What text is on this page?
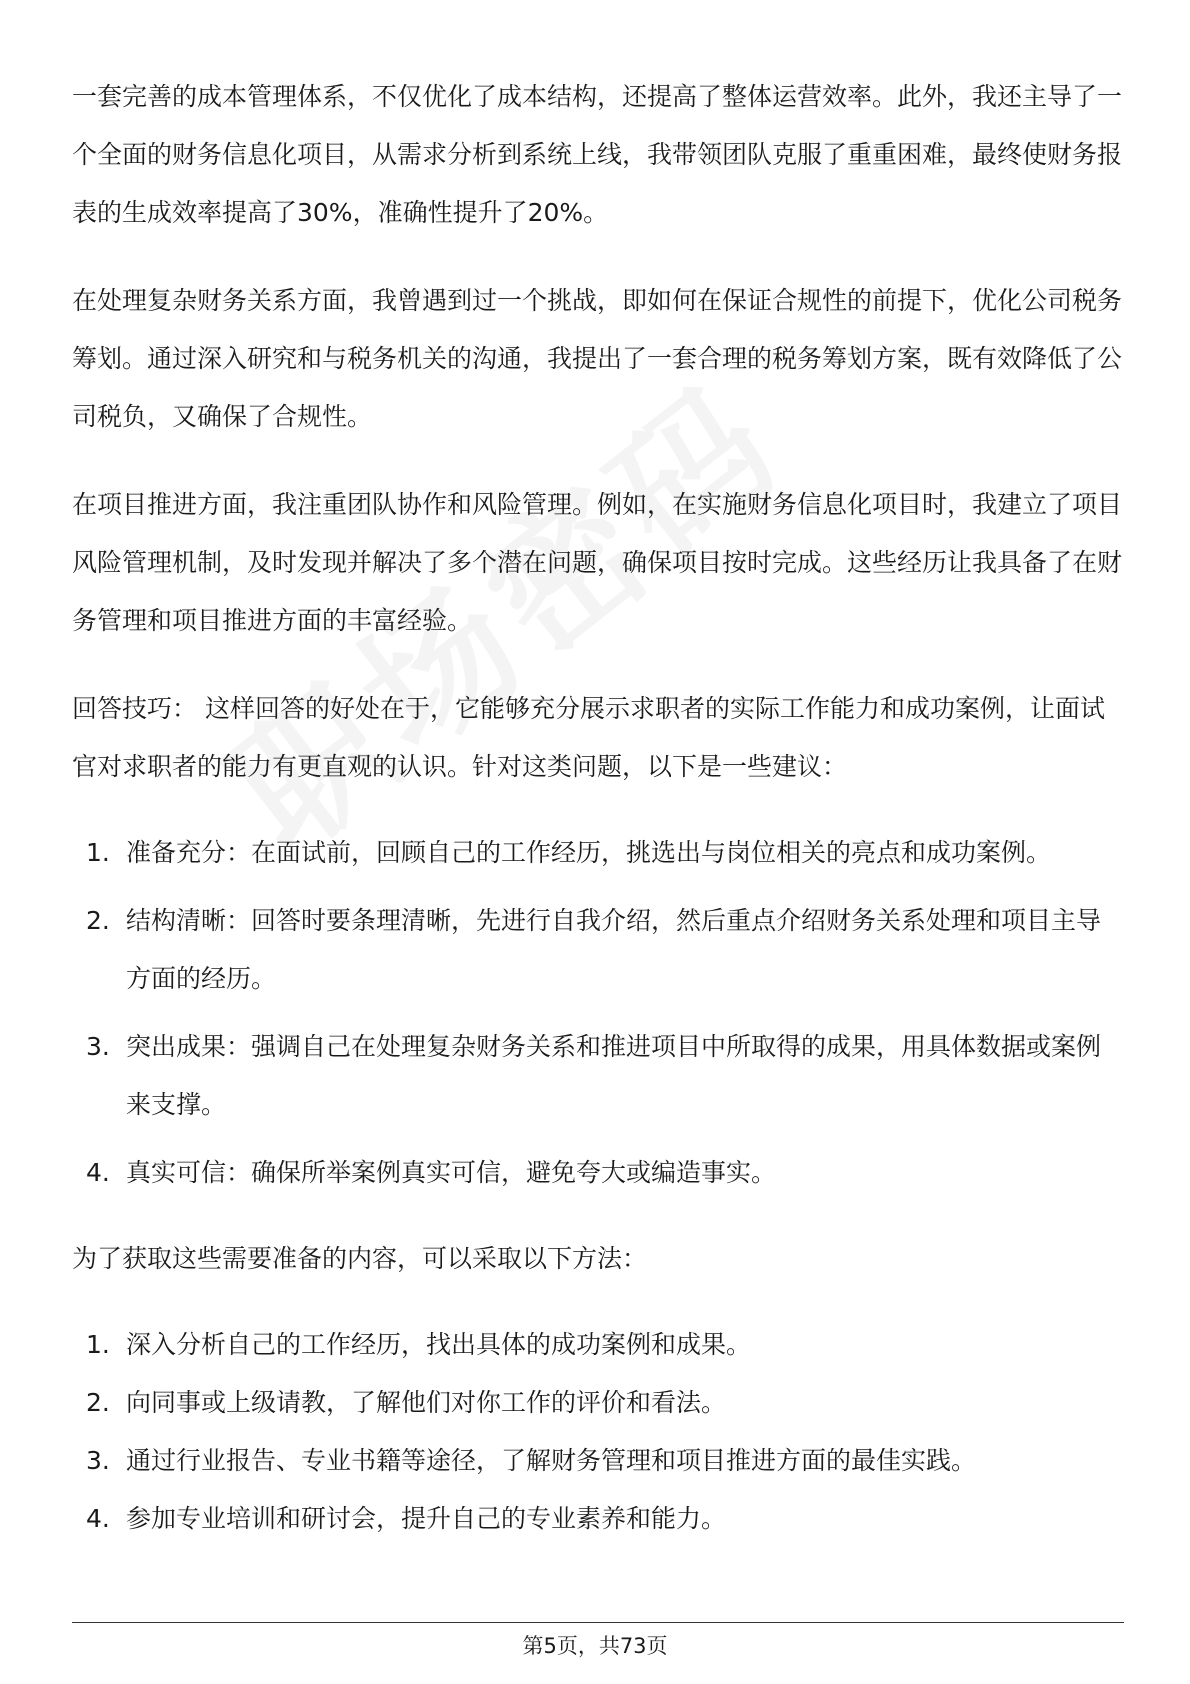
一套完善的成本管理体系，不仅优化了成本结构，还提高了整体运营效率。此外，我还主导了一个全面的财务信息化项目，从需求分析到系统上线，我带领团队克服了重重困难，最终使财务报表的生成效率提高了30%，准确性提升了20%。

在处理复杂财务关系方面，我曾遇到过一个挑战，即如何在保证合规性的前提下，优化公司税务筹划。通过深入研究和与税务机关的沟通，我提出了一套合理的税务筹划方案，既有效降低了公司税负，又确保了合规性。

在项目推进方面，我注重团队协作和风险管理。例如，在实施财务信息化项目时，我建立了项目风险管理机制，及时发现并解决了多个潜在问题，确保项目按时完成。这些经历让我具备了在财务管理和项目推进方面的丰富经验。

回答技巧： 这样回答的好处在于，它能够充分展示求职者的实际工作能力和成功案例，让面试官对求职者的能力有更直观的认识。针对这类问题，以下是一些建议：

1. 准备充分：在面试前，回顾自己的工作经历，挑选出与岗位相关的亮点和成功案例。
2. 结构清晰：回答时要条理清晰，先进行自我介绍，然后重点介绍财务关系处理和项目主导方面的经历。
3. 突出成果：强调自己在处理复杂财务关系和推进项目中所取得的成果，用具体数据或案例来支撑。
4. 真实可信：确保所举案例真实可信，避免夸大或编造事实。

为了获取这些需要准备的内容，可以采取以下方法：

1. 深入分析自己的工作经历，找出具体的成功案例和成果。
2. 向同事或上级请教，了解他们对你工作的评价和看法。
3. 通过行业报告、专业书籍等途径，了解财务管理和项目推进方面的最佳实践。
4. 参加专业培训和研讨会，提升自己的专业素养和能力。
第5页，共73页
